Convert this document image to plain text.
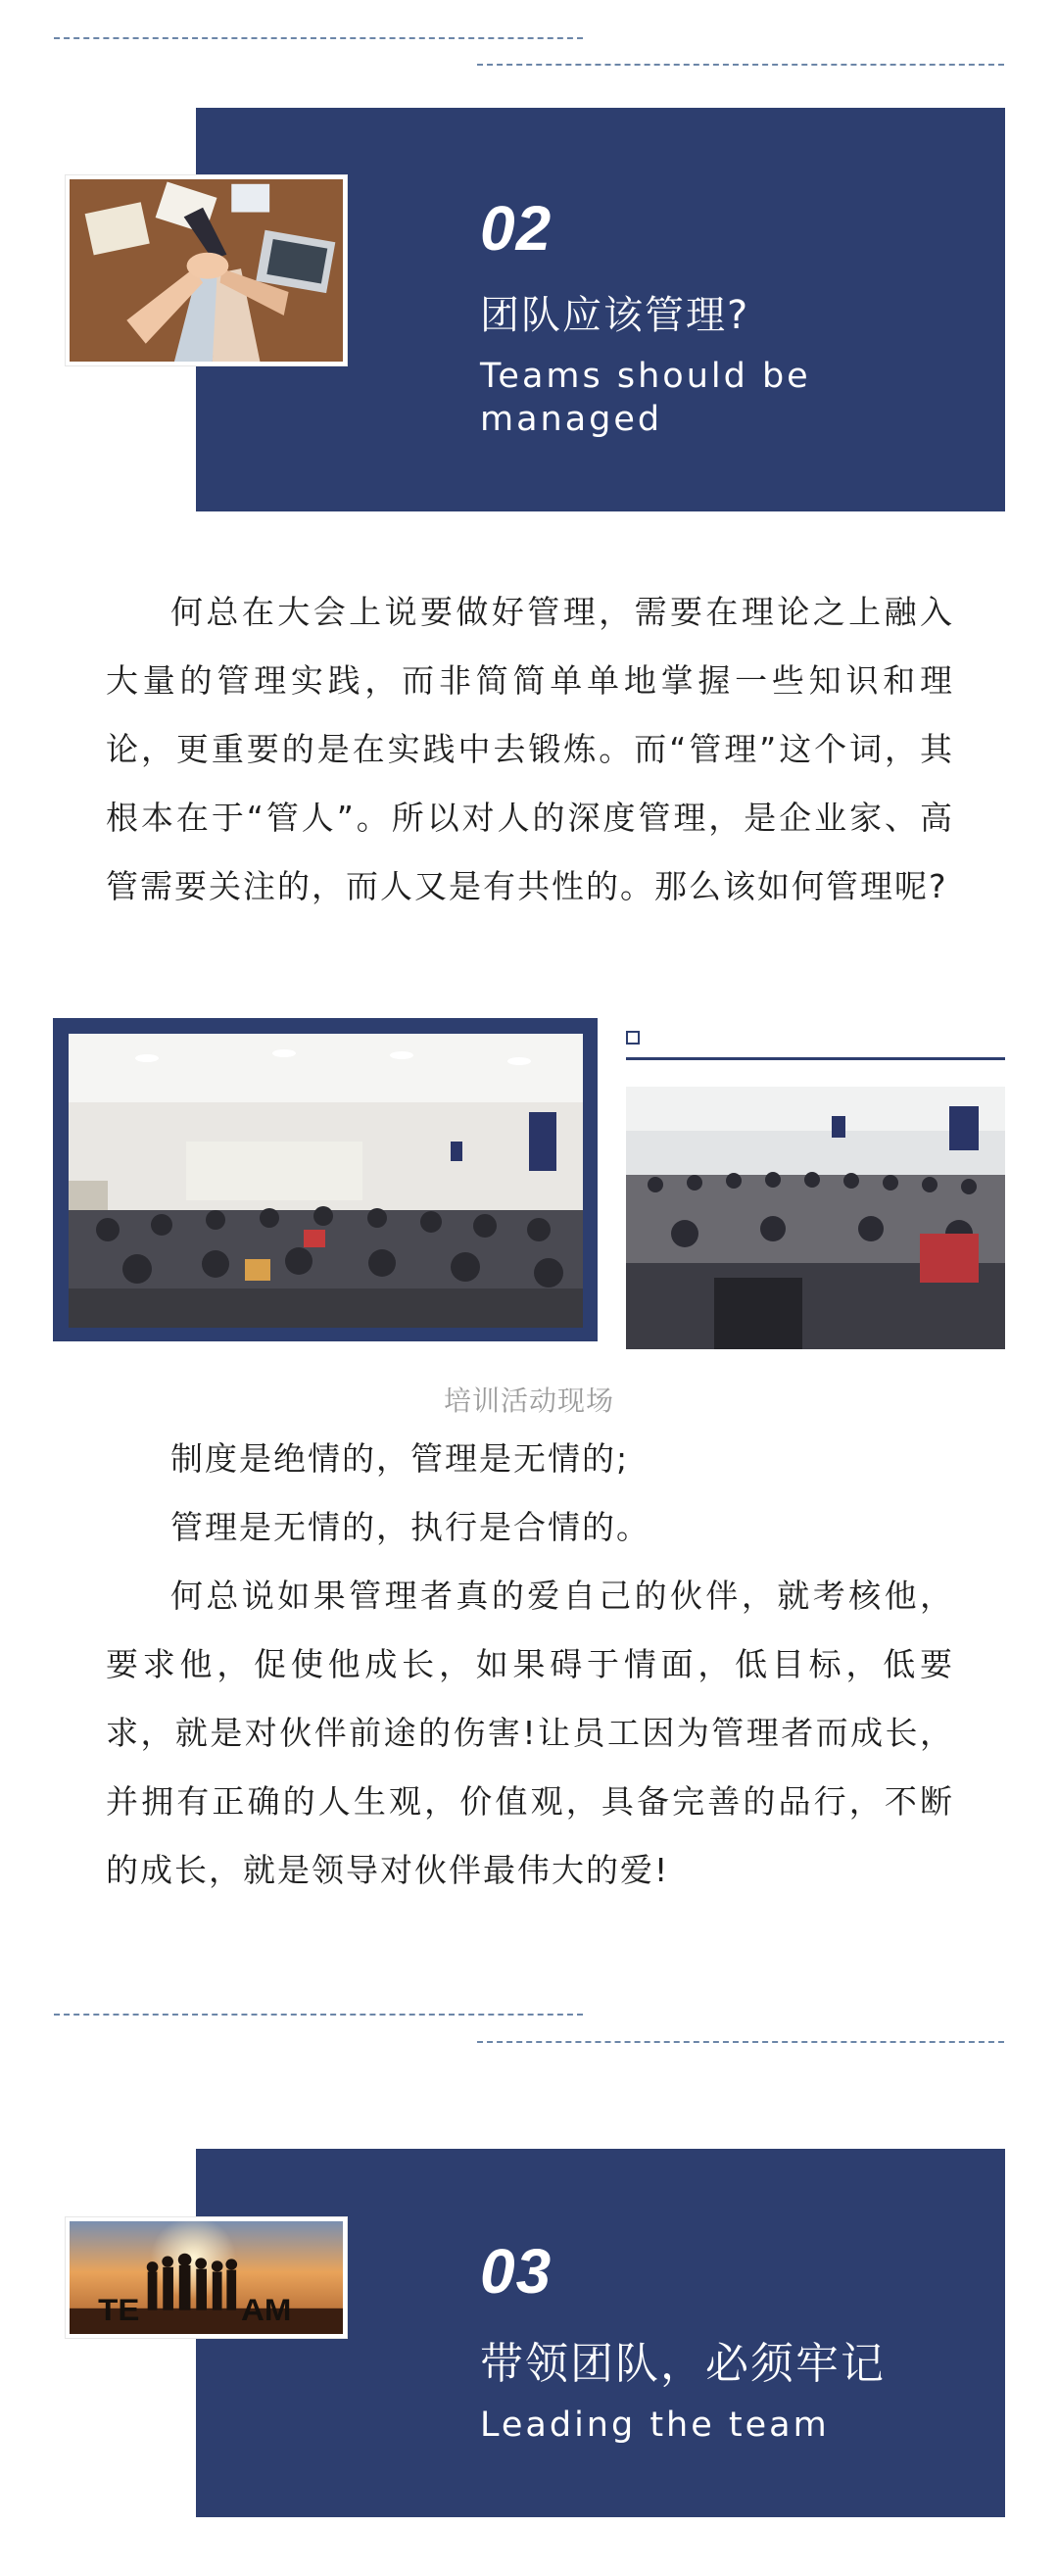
02
团队应该管理?
Teams should be managed

何总在大会上说要做好管理，需要在理论之上融入大量的管理实践，而非简简单单地掌握一些知识和理论，更重要的是在实践中去锻炼。而“管理”这个词，其根本在于“管人”。所以对人的深度管理，是企业家、高管需要关注的，而人又是有共性的。那么该如何管理呢?

培训活动现场

制度是绝情的，管理是无情的;

管理是无情的，执行是合情的。

何总说如果管理者真的爱自己的伙伴，就考核他，要求他，促使他成长，如果碍于情面，低目标，低要求，就是对伙伴前途的伤害!让员工因为管理者而成长，并拥有正确的人生观，价值观，具备完善的品行，不断的成长，就是领导对伙伴最伟大的爱!

03
带领团队，必须牢记
Leading the team
TE	AM
